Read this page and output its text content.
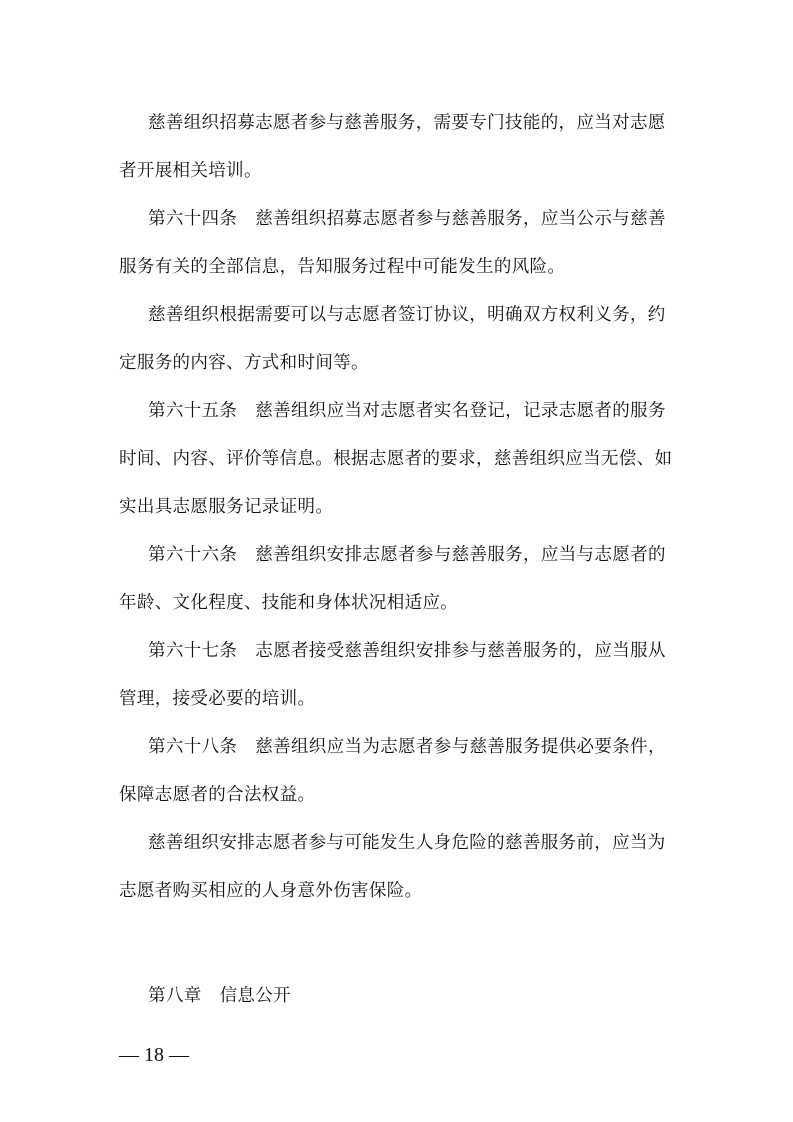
慈善组织招募志愿者参与慈善服务，需要专门技能的，应当对志愿者开展相关培训。

第六十四条 慈善组织招募志愿者参与慈善服务，应当公示与慈善服务有关的全部信息，告知服务过程中可能发生的风险。

慈善组织根据需要可以与志愿者签订协议，明确双方权利义务，约定服务的内容、方式和时间等。

第六十五条 慈善组织应当对志愿者实名登记，记录志愿者的服务时间、内容、评价等信息。根据志愿者的要求，慈善组织应当无偿、如实出具志愿服务记录证明。

第六十六条 慈善组织安排志愿者参与慈善服务，应当与志愿者的年龄、文化程度、技能和身体状况相适应。

第六十七条 志愿者接受慈善组织安排参与慈善服务的，应当服从管理，接受必要的培训。

第六十八条 慈善组织应当为志愿者参与慈善服务提供必要条件，保障志愿者的合法权益。

慈善组织安排志愿者参与可能发生人身危险的慈善服务前，应当为志愿者购买相应的人身意外伤害保险。

第八章 信息公开

— 18 —
